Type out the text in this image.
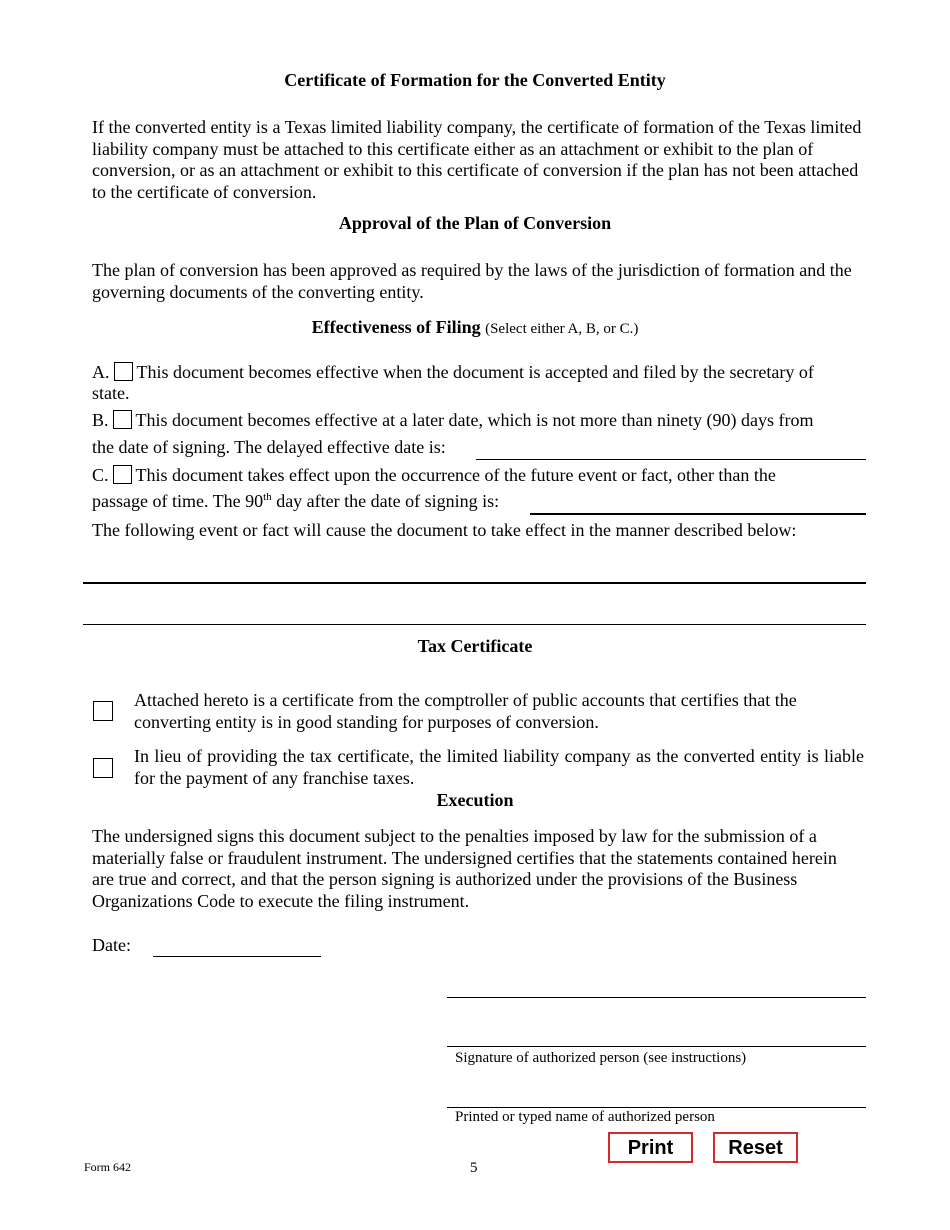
Certificate of Formation for the Converted Entity
If the converted entity is a Texas limited liability company, the certificate of formation of the Texas limited liability company must be attached to this certificate either as an attachment or exhibit to the plan of conversion, or as an attachment or exhibit to this certificate of conversion if the plan has not been attached to the certificate of conversion.
Approval of the Plan of Conversion
The plan of conversion has been approved as required by the laws of the jurisdiction of formation and the governing documents of the converting entity.
Effectiveness of Filing (Select either A, B, or C.)
A. This document becomes effective when the document is accepted and filed by the secretary of
state.
B. This document becomes effective at a later date, which is not more than ninety (90) days from
the date of signing. The delayed effective date is:
C. This document takes effect upon the occurrence of the future event or fact, other than the
passage of time. The 90th day after the date of signing is:
The following event or fact will cause the document to take effect in the manner described below:
Tax Certificate
Attached hereto is a certificate from the comptroller of public accounts that certifies that the converting entity is in good standing for purposes of conversion.
In lieu of providing the tax certificate, the limited liability company as the converted entity is liable for the payment of any franchise taxes.
Execution
The undersigned signs this document subject to the penalties imposed by law for the submission of a materially false or fraudulent instrument. The undersigned certifies that the statements contained herein are true and correct, and that the person signing is authorized under the provisions of the Business Organizations Code to execute the filing instrument.
Date:
Signature of authorized person (see instructions)
Printed or typed name of authorized person
Print	Reset
Form 642	5
